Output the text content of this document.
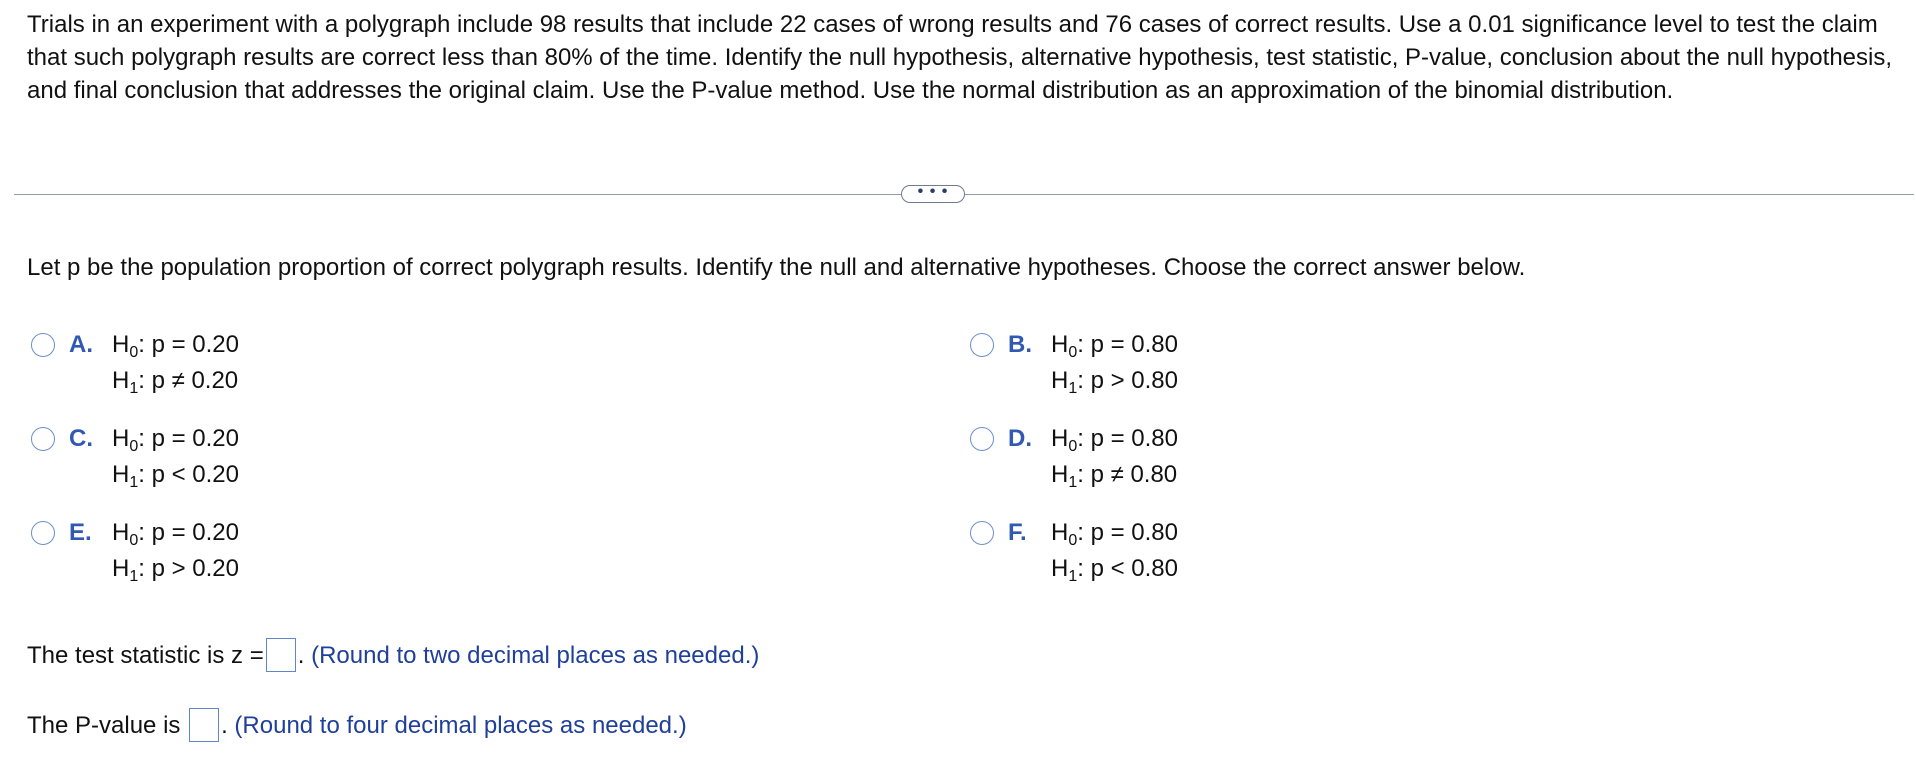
Trials in an experiment with a polygraph include 98 results that include 22 cases of wrong results and 76 cases of correct results. Use a 0.01 significance level to test the claim that such polygraph results are correct less than 80% of the time. Identify the null hypothesis, alternative hypothesis, test statistic, P-value, conclusion about the null hypothesis, and final conclusion that addresses the original claim. Use the P-value method. Use the normal distribution as an approximation of the binomial distribution.

• • •

Let p be the population proportion of correct polygraph results. Identify the null and alternative hypotheses. Choose the correct answer below.

A. $H_0$: p = 0.20
$H_1$: p ≠ 0.20
B. $H_0$: p = 0.80
$H_1$: p > 0.80
C. $H_0$: p = 0.20
$H_1$: p < 0.20
D. $H_0$: p = 0.80
$H_1$: p ≠ 0.80
E. $H_0$: p = 0.20
$H_1$: p > 0.20
F. $H_0$: p = 0.80
$H_1$: p < 0.80
The test statistic is z = . (Round to two decimal places as needed.)
The P-value is . (Round to four decimal places as needed.)
